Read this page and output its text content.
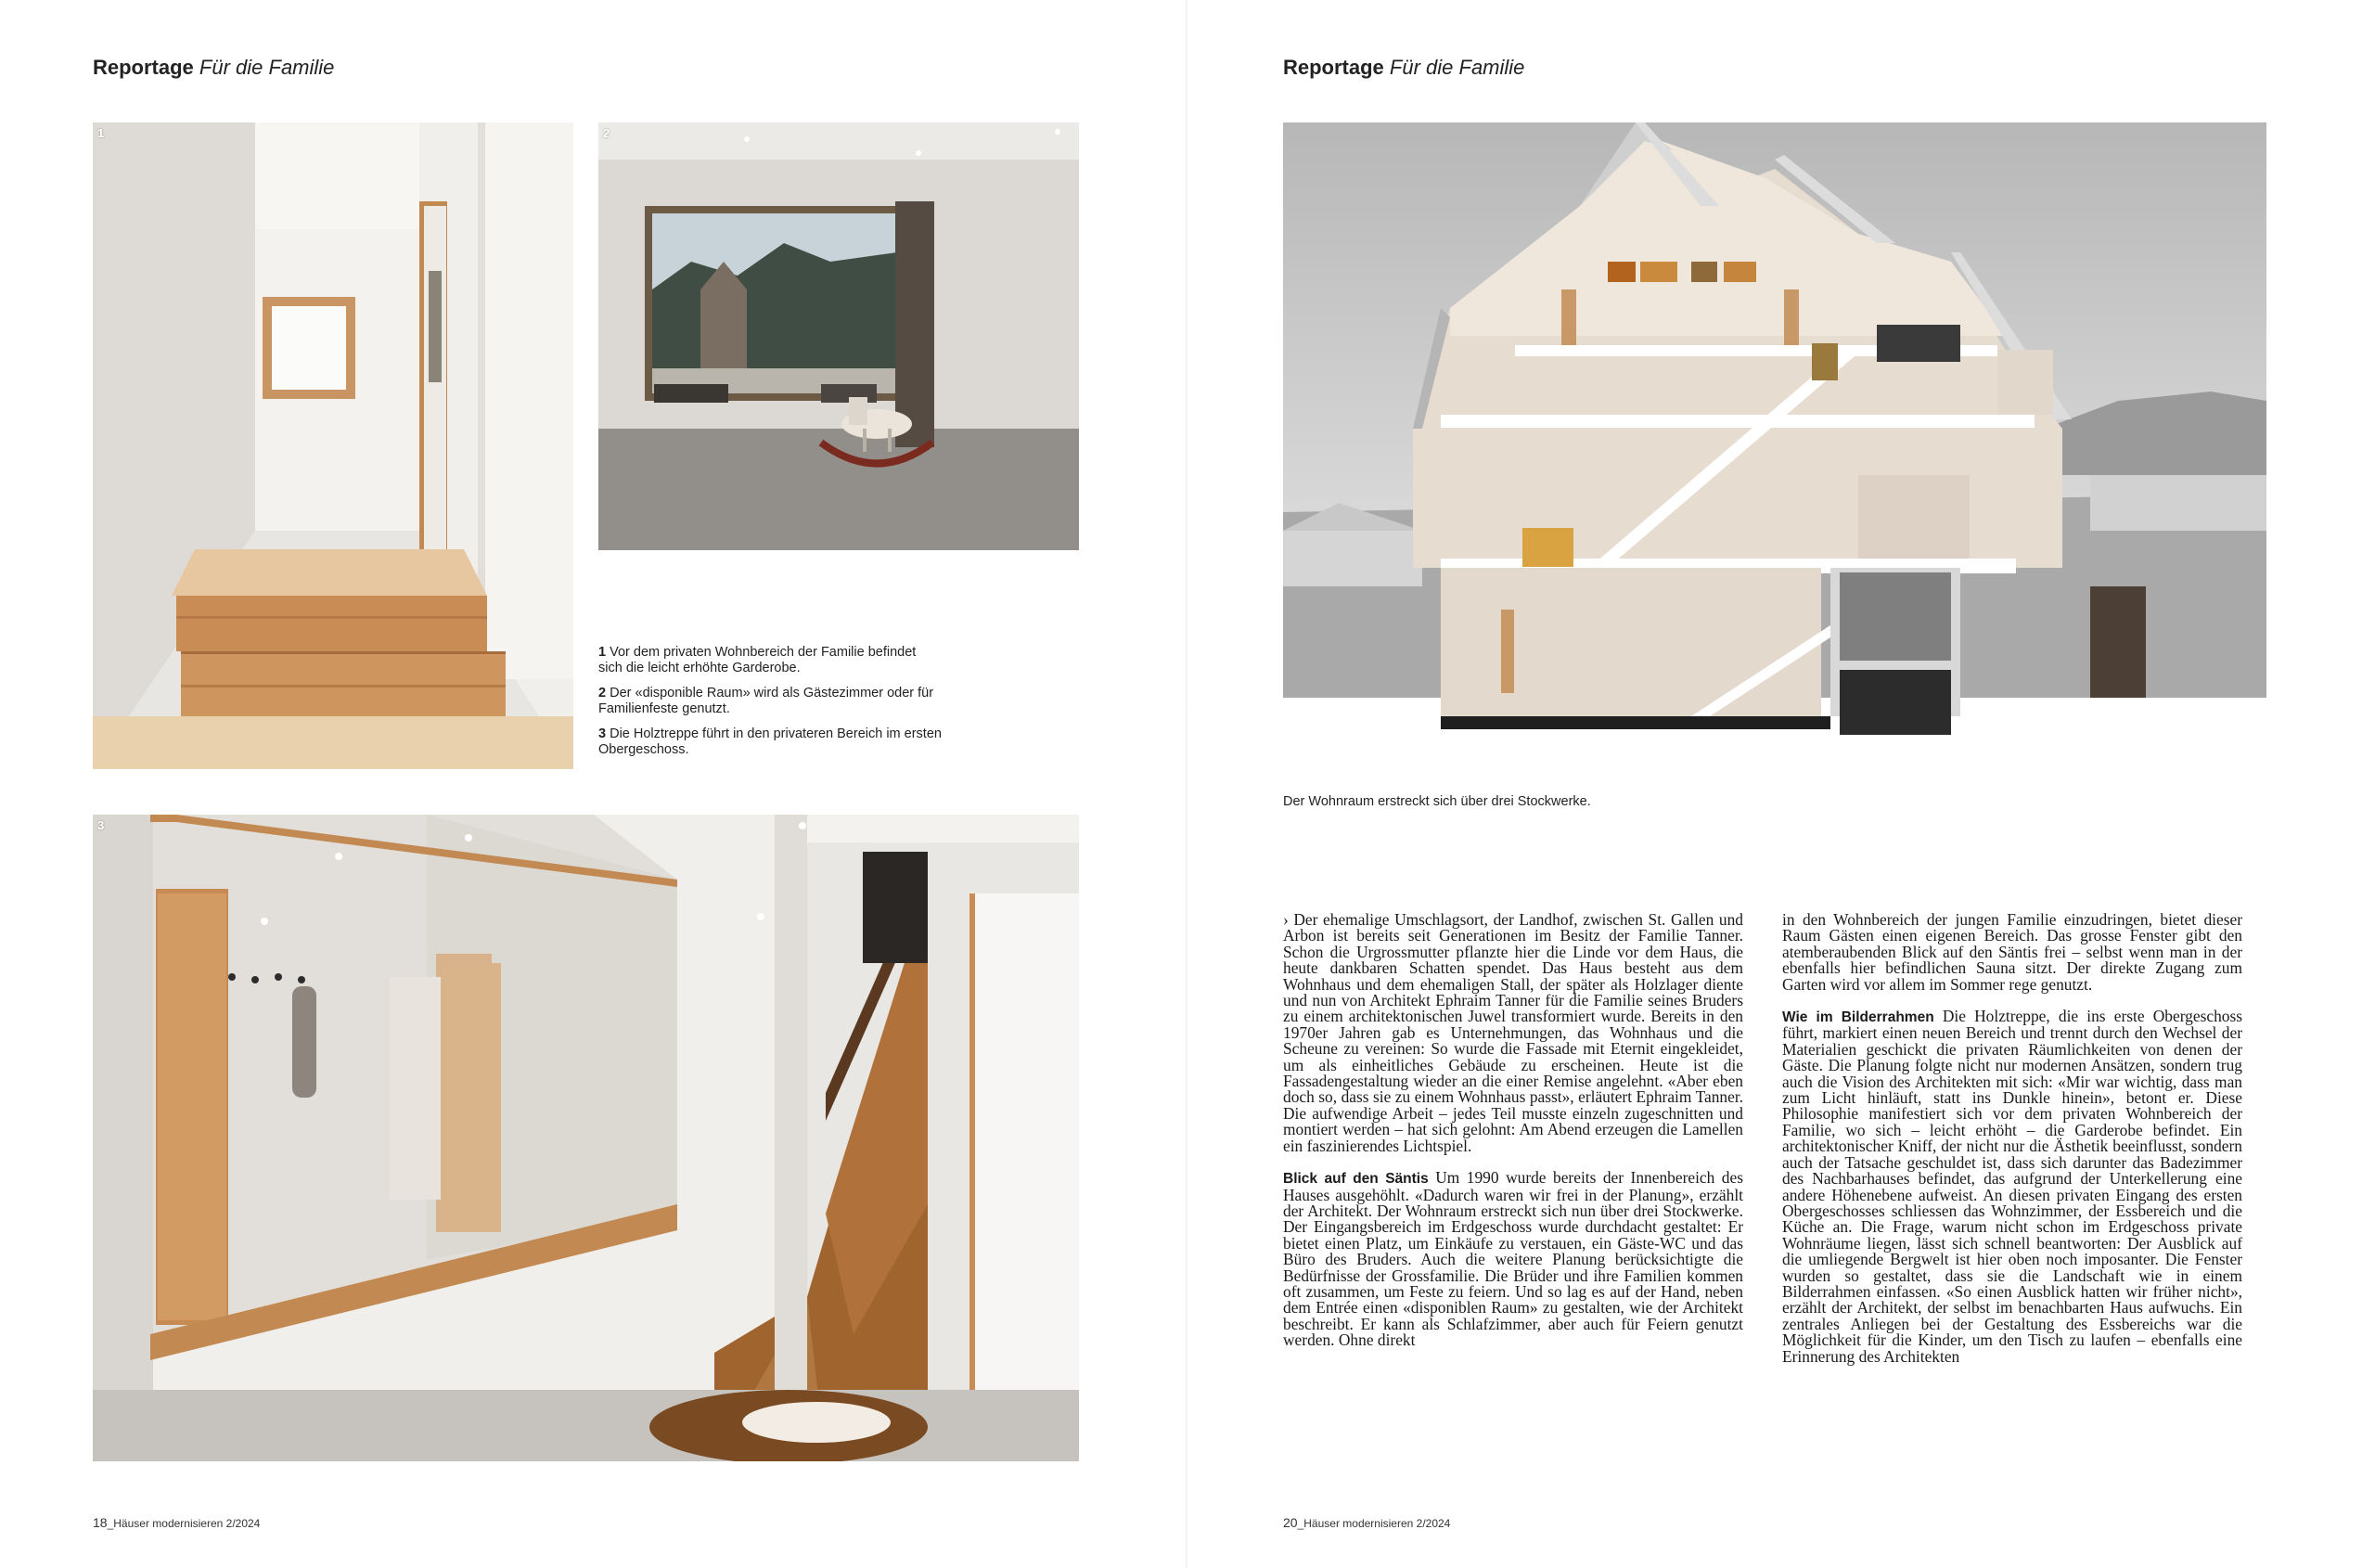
Reportage Für die Familie
1	2

1 Vor dem privaten Wohnbereich der Familie befindet sich die leicht erhöhte Garderobe.

2 Der «disponible Raum» wird als Gästezimmer oder für Familienfeste genutzt.

3 Die Holztreppe führt in den privateren Bereich im ersten Obergeschoss.

3
18_Häuser modernisieren 2/2024
Reportage Für die Familie
Der Wohnraum erstreckt sich über drei Stockwerke.

› Der ehemalige Umschlagsort, der Landhof, zwischen St. Gallen und Arbon ist bereits seit Generationen im Besitz der Familie Tanner. Schon die Urgrossmutter pflanzte hier die Linde vor dem Haus, die heute dankbaren Schatten spendet. Das Haus besteht aus dem Wohnhaus und dem ehemaligen Stall, der später als Holzlager diente und nun von Architekt Ephraim Tanner für die Familie seines Bruders zu einem architektonischen Juwel transformiert wurde. Bereits in den 1970er Jahren gab es Unternehmungen, das Wohnhaus und die Scheune zu vereinen: So wurde die Fassade mit Eternit eingekleidet, um als einheitliches Gebäude zu erscheinen. Heute ist die Fassadengestaltung wieder an die einer Remise angelehnt. «Aber eben doch so, dass sie zu einem Wohnhaus passt», erläutert Ephraim Tanner. Die aufwendige Arbeit – jedes Teil musste einzeln zugeschnitten und montiert werden – hat sich gelohnt: Am Abend erzeugen die Lamellen ein faszinierendes Lichtspiel.

Blick auf den Säntis Um 1990 wurde bereits der Innenbereich des Hauses ausgehöhlt. «Dadurch waren wir frei in der Planung», erzählt der Architekt. Der Wohnraum erstreckt sich nun über drei Stockwerke. Der Eingangsbereich im Erdgeschoss wurde durchdacht gestaltet: Er bietet einen Platz, um Einkäufe zu verstauen, ein Gäste-WC und das Büro des Bruders. Auch die weitere Planung berücksichtigte die Bedürfnisse der Grossfamilie. Die Brüder und ihre Familien kommen oft zusammen, um Feste zu feiern. Und so lag es auf der Hand, neben dem Entrée einen «disponiblen Raum» zu gestalten, wie der Architekt beschreibt. Er kann als Schlafzimmer, aber auch für Feiern genutzt werden. Ohne direkt

in den Wohnbereich der jungen Familie einzudringen, bietet dieser Raum Gästen einen eigenen Bereich. Das grosse Fenster gibt den atemberaubenden Blick auf den Säntis frei – selbst wenn man in der ebenfalls hier befindlichen Sauna sitzt. Der direkte Zugang zum Garten wird vor allem im Sommer rege genutzt.

Wie im Bilderrahmen Die Holztreppe, die ins erste Obergeschoss führt, markiert einen neuen Bereich und trennt durch den Wechsel der Materialien geschickt die privaten Räumlichkeiten von denen der Gäste. Die Planung folgte nicht nur modernen Ansätzen, sondern trug auch die Vision des Architekten mit sich: «Mir war wichtig, dass man zum Licht hinläuft, statt ins Dunkle hinein», betont er. Diese Philosophie manifestiert sich vor dem privaten Wohnbereich der Familie, wo sich – leicht erhöht – die Garderobe befindet. Ein architektonischer Kniff, der nicht nur die Ästhetik beeinflusst, sondern auch der Tatsache geschuldet ist, dass sich darunter das Badezimmer des Nachbarhauses befindet, das aufgrund der Unterkellerung eine andere Höhenebene aufweist. An diesen privaten Eingang des ersten Obergeschosses schliessen das Wohnzimmer, der Essbereich und die Küche an. Die Frage, warum nicht schon im Erdgeschoss private Wohnräume liegen, lässt sich schnell beantworten: Der Ausblick auf die umliegende Bergwelt ist hier oben noch imposanter. Die Fenster wurden so gestaltet, dass sie die Landschaft wie in einem Bilderrahmen einfassen. «So einen Ausblick hatten wir früher nicht», erzählt der Architekt, der selbst im benachbarten Haus aufwuchs. Ein zentrales Anliegen bei der Gestaltung des Essbereichs war die Möglichkeit für die Kinder, um den Tisch zu laufen – ebenfalls eine Erinnerung des Architekten

20_Häuser modernisieren 2/2024
